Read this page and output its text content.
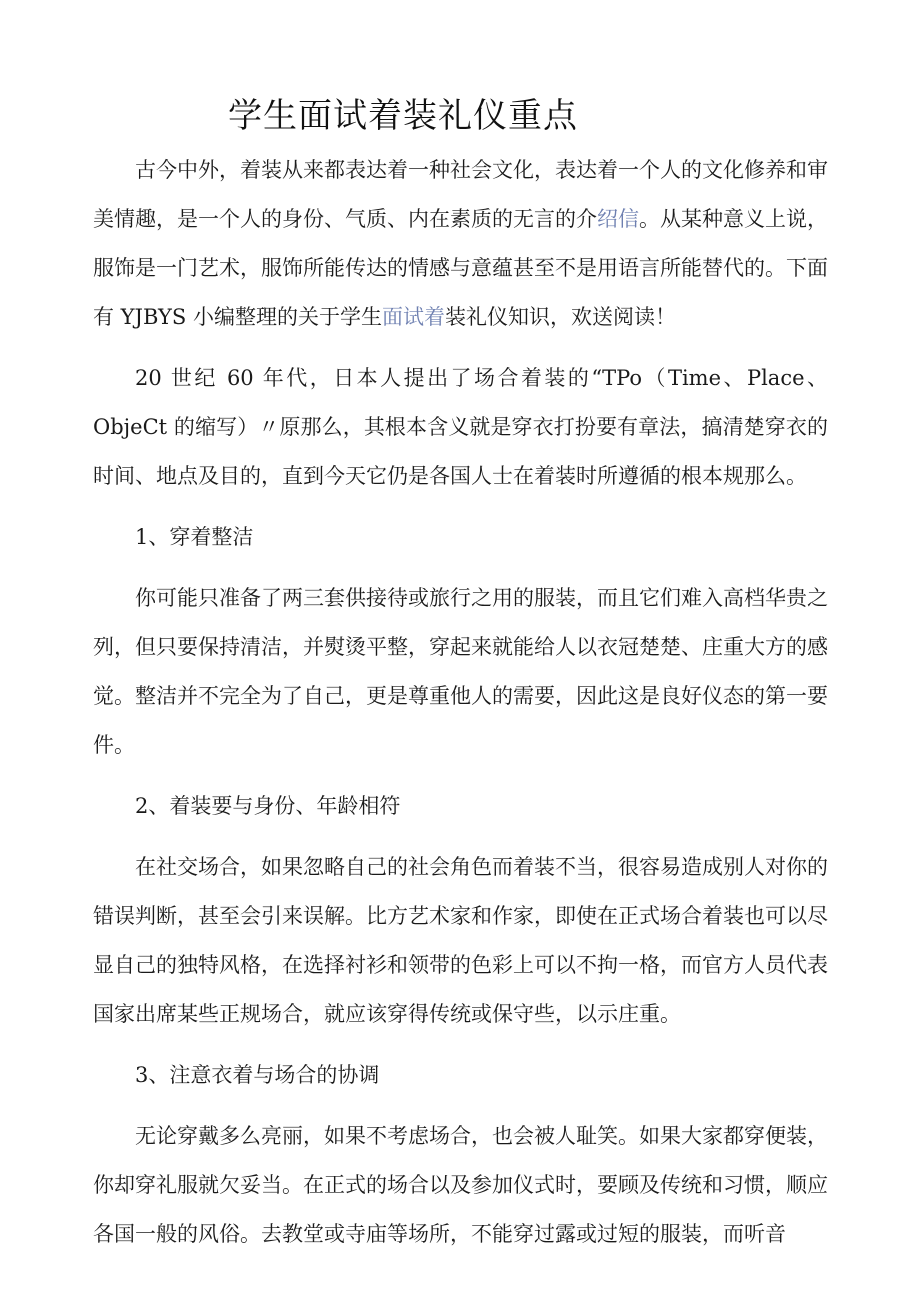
学生面试着装礼仪重点

古今中外，着装从来都表达着一种社会文化，表达着一个人的文化修养和审美情趣，是一个人的身份、气质、内在素质的无言的介绍信。从某种意义上说，服饰是一门艺术，服饰所能传达的情感与意蕴甚至不是用语言所能替代的。下面有 YJBYS 小编整理的关于学生面试着装礼仪知识，欢送阅读！

20 世纪 60 年代，日本人提出了场合着装的“TPo（Time、Place、ObjeCt 的缩写）〃原那么，其根本含义就是穿衣打扮要有章法，搞清楚穿衣的时间、地点及目的，直到今天它仍是各国人士在着装时所遵循的根本规那么。

1、穿着整洁

你可能只准备了两三套供接待或旅行之用的服装，而且它们难入高档华贵之列，但只要保持清洁，并熨烫平整，穿起来就能给人以衣冠楚楚、庄重大方的感觉。整洁并不完全为了自己，更是尊重他人的需要，因此这是良好仪态的第一要件。

2、着装要与身份、年龄相符

在社交场合，如果忽略自己的社会角色而着装不当，很容易造成别人对你的错误判断，甚至会引来误解。比方艺术家和作家，即使在正式场合着装也可以尽显自己的独特风格，在选择衬衫和领带的色彩上可以不拘一格，而官方人员代表国家出席某些正规场合，就应该穿得传统或保守些，以示庄重。

3、注意衣着与场合的协调

无论穿戴多么亮丽，如果不考虑场合，也会被人耻笑。如果大家都穿便装，你却穿礼服就欠妥当。在正式的场合以及参加仪式时，要顾及传统和习惯，顺应各国一般的风俗。去教堂或寺庙等场所，不能穿过露或过短的服装，而听音
